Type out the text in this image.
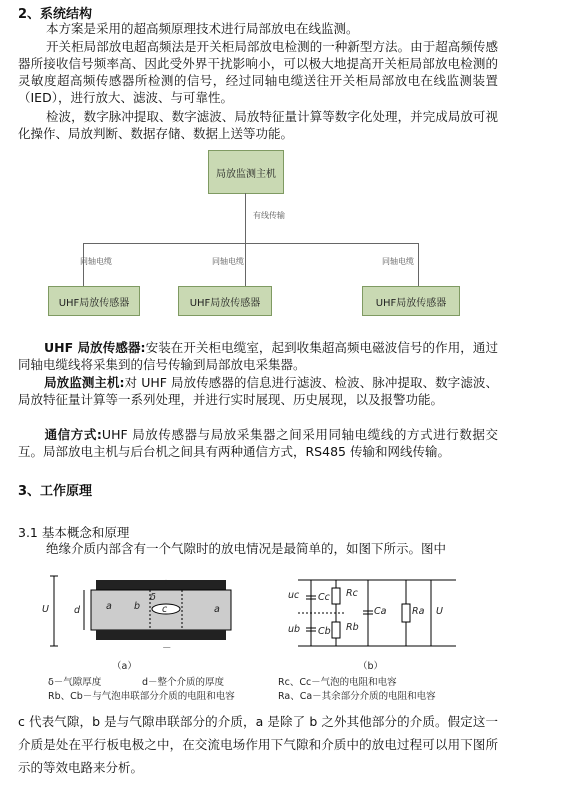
2、系统结构
本方案是采用的超高频原理技术进行局部放电在线监测。
开关柜局部放电超高频法是开关柜局部放电检测的一种新型方法。由于超高频传感器所接收信号频率高、因此受外界干扰影响小，可以极大地提高开关柜局部放电检测的灵敏度超高频传感器所检测的信号，经过同轴电缆送往开关柜局部放电在线监测装置（IED），进行放大、滤波、与可靠性。
检波，数字脉冲提取、数字滤波、局放特征量计算等数字化处理，并完成局放可视化操作、局放判断、数据存储、数据上送等功能。
局放监测主机
有线传输
同轴电缆	同轴电缆	同轴电缆
UHF局放传感器	UHF局放传感器	UHF局放传感器
UHF 局放传感器:安装在开关柜电缆室，起到收集超高频电磁波信号的作用，通过同轴电缆线将采集到的信号传输到局部放电采集器。
局放监测主机:对 UHF 局放传感器的信息进行滤波、检波、脉冲提取、数字滤波、局放特征量计算等一系列处理，并进行实时展现、历史展现，以及报警功能。
通信方式:UHF 局放传感器与局放采集器之间采用同轴电缆线的方式进行数据交互。局部放电主机与后台机之间具有两种通信方式，RS485 传输和网线传输。
3、工作原理
3.1 基本概念和原理
绝缘介质内部含有一个气隙时的放电情况是最简单的，如图下所示。图中
U	d	a b c
δ
a
+
－
uc
ub
Cc Rc
Cb Rb
Ca	Ra U
（a）	（b）
δ－气隙厚度	d－整个介质的厚度	Rc、Cc－气泡的电阻和电容
Rb、Cb－与气泡串联部分介质的电阻和电容	Ra、Ca－其余部分介质的电阻和电容
c 代表气隙，b 是与气隙串联部分的介质，a 是除了 b 之外其他部分的介质。假定这一介质是处在平行板电极之中，在交流电场作用下气隙和介质中的放电过程可以用下图所示的等效电路来分析。
